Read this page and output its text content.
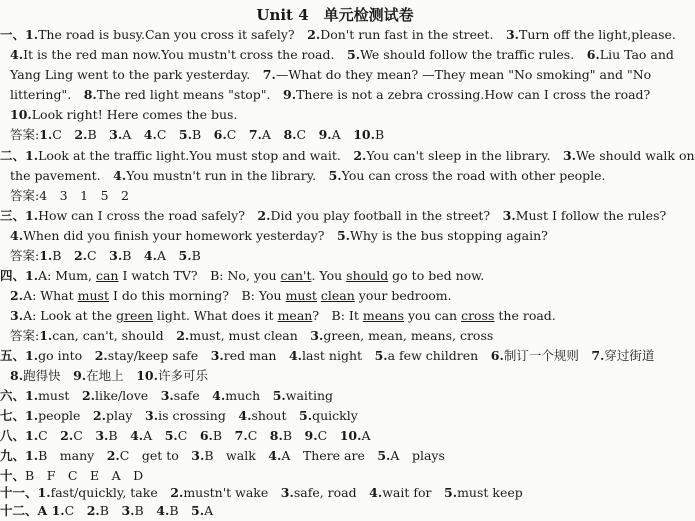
Unit 4　单元检测试卷
一、1.The road is busy.Can you cross it safely?　 2.Don't run fast in the street.　 3.Turn off the light,please.
4.It is the red man now.You mustn't cross the road.　 5.We should follow the traffic rules.　 6.Liu Tao and
Yang Ling went to the park yesterday.　 7.—What do they mean? —They mean "No smoking" and "No
littering".　 8.The red light means "stop".　 9.There is not a zebra crossing.How can I cross the road?
10.Look right! Here comes the bus.
答案:1.C　 2.B　 3.A　 4.C　 5.B　 6.C　 7.A　 8.C　 9.A　 10.B
二、1.Look at the traffic light.You must stop and wait.　 2.You can't sleep in the library.　 3.We should walk on
the pavement.　 4.You mustn't run in the library.　 5.You can cross the road with other people.
答案:4　3　1　5　2
三、1.How can I cross the road safely?　 2.Did you play football in the street?　 3.Must I follow the rules?
4.When did you finish your homework yesterday?　 5.Why is the bus stopping again?
答案:1.B　 2.C　 3.B　 4.A　 5.B
四、1.A: Mum, can I watch TV?　B: No, you can't. You should go to bed now.
2.A: What must I do this morning?　B: You must clean your bedroom.
3.A: Look at the green light. What does it mean?　B: It means you can cross the road.
答案:1.can, can't, should　 2.must, must clean　 3.green, mean, means, cross
五、1.go into　 2.stay/keep safe　 3.red man　 4.last night　 5.a few children　 6.制订一个规则　 7.穿过街道
8.跑得快　 9.在地上　 10.许多可乐
六、1.must　 2.like/love　 3.safe　 4.much　 5.waiting
七、1.people　 2.play　 3.is crossing　 4.shout　 5.quickly
八、1.C　 2.C　 3.B　 4.A　 5.C　 6.B　 7.C　 8.B　 9.C　 10.A
九、1.B　many　 2.C　get to　 3.B　walk　 4.A　There are　 5.A　plays
十、B　F　C　E　A　D
十一、1.fast/quickly, take　 2.mustn't wake　 3.safe, road　 4.wait for　 5.must keep
十二、A 1.C　 2.B　 3.B　 4.B　 5.A
